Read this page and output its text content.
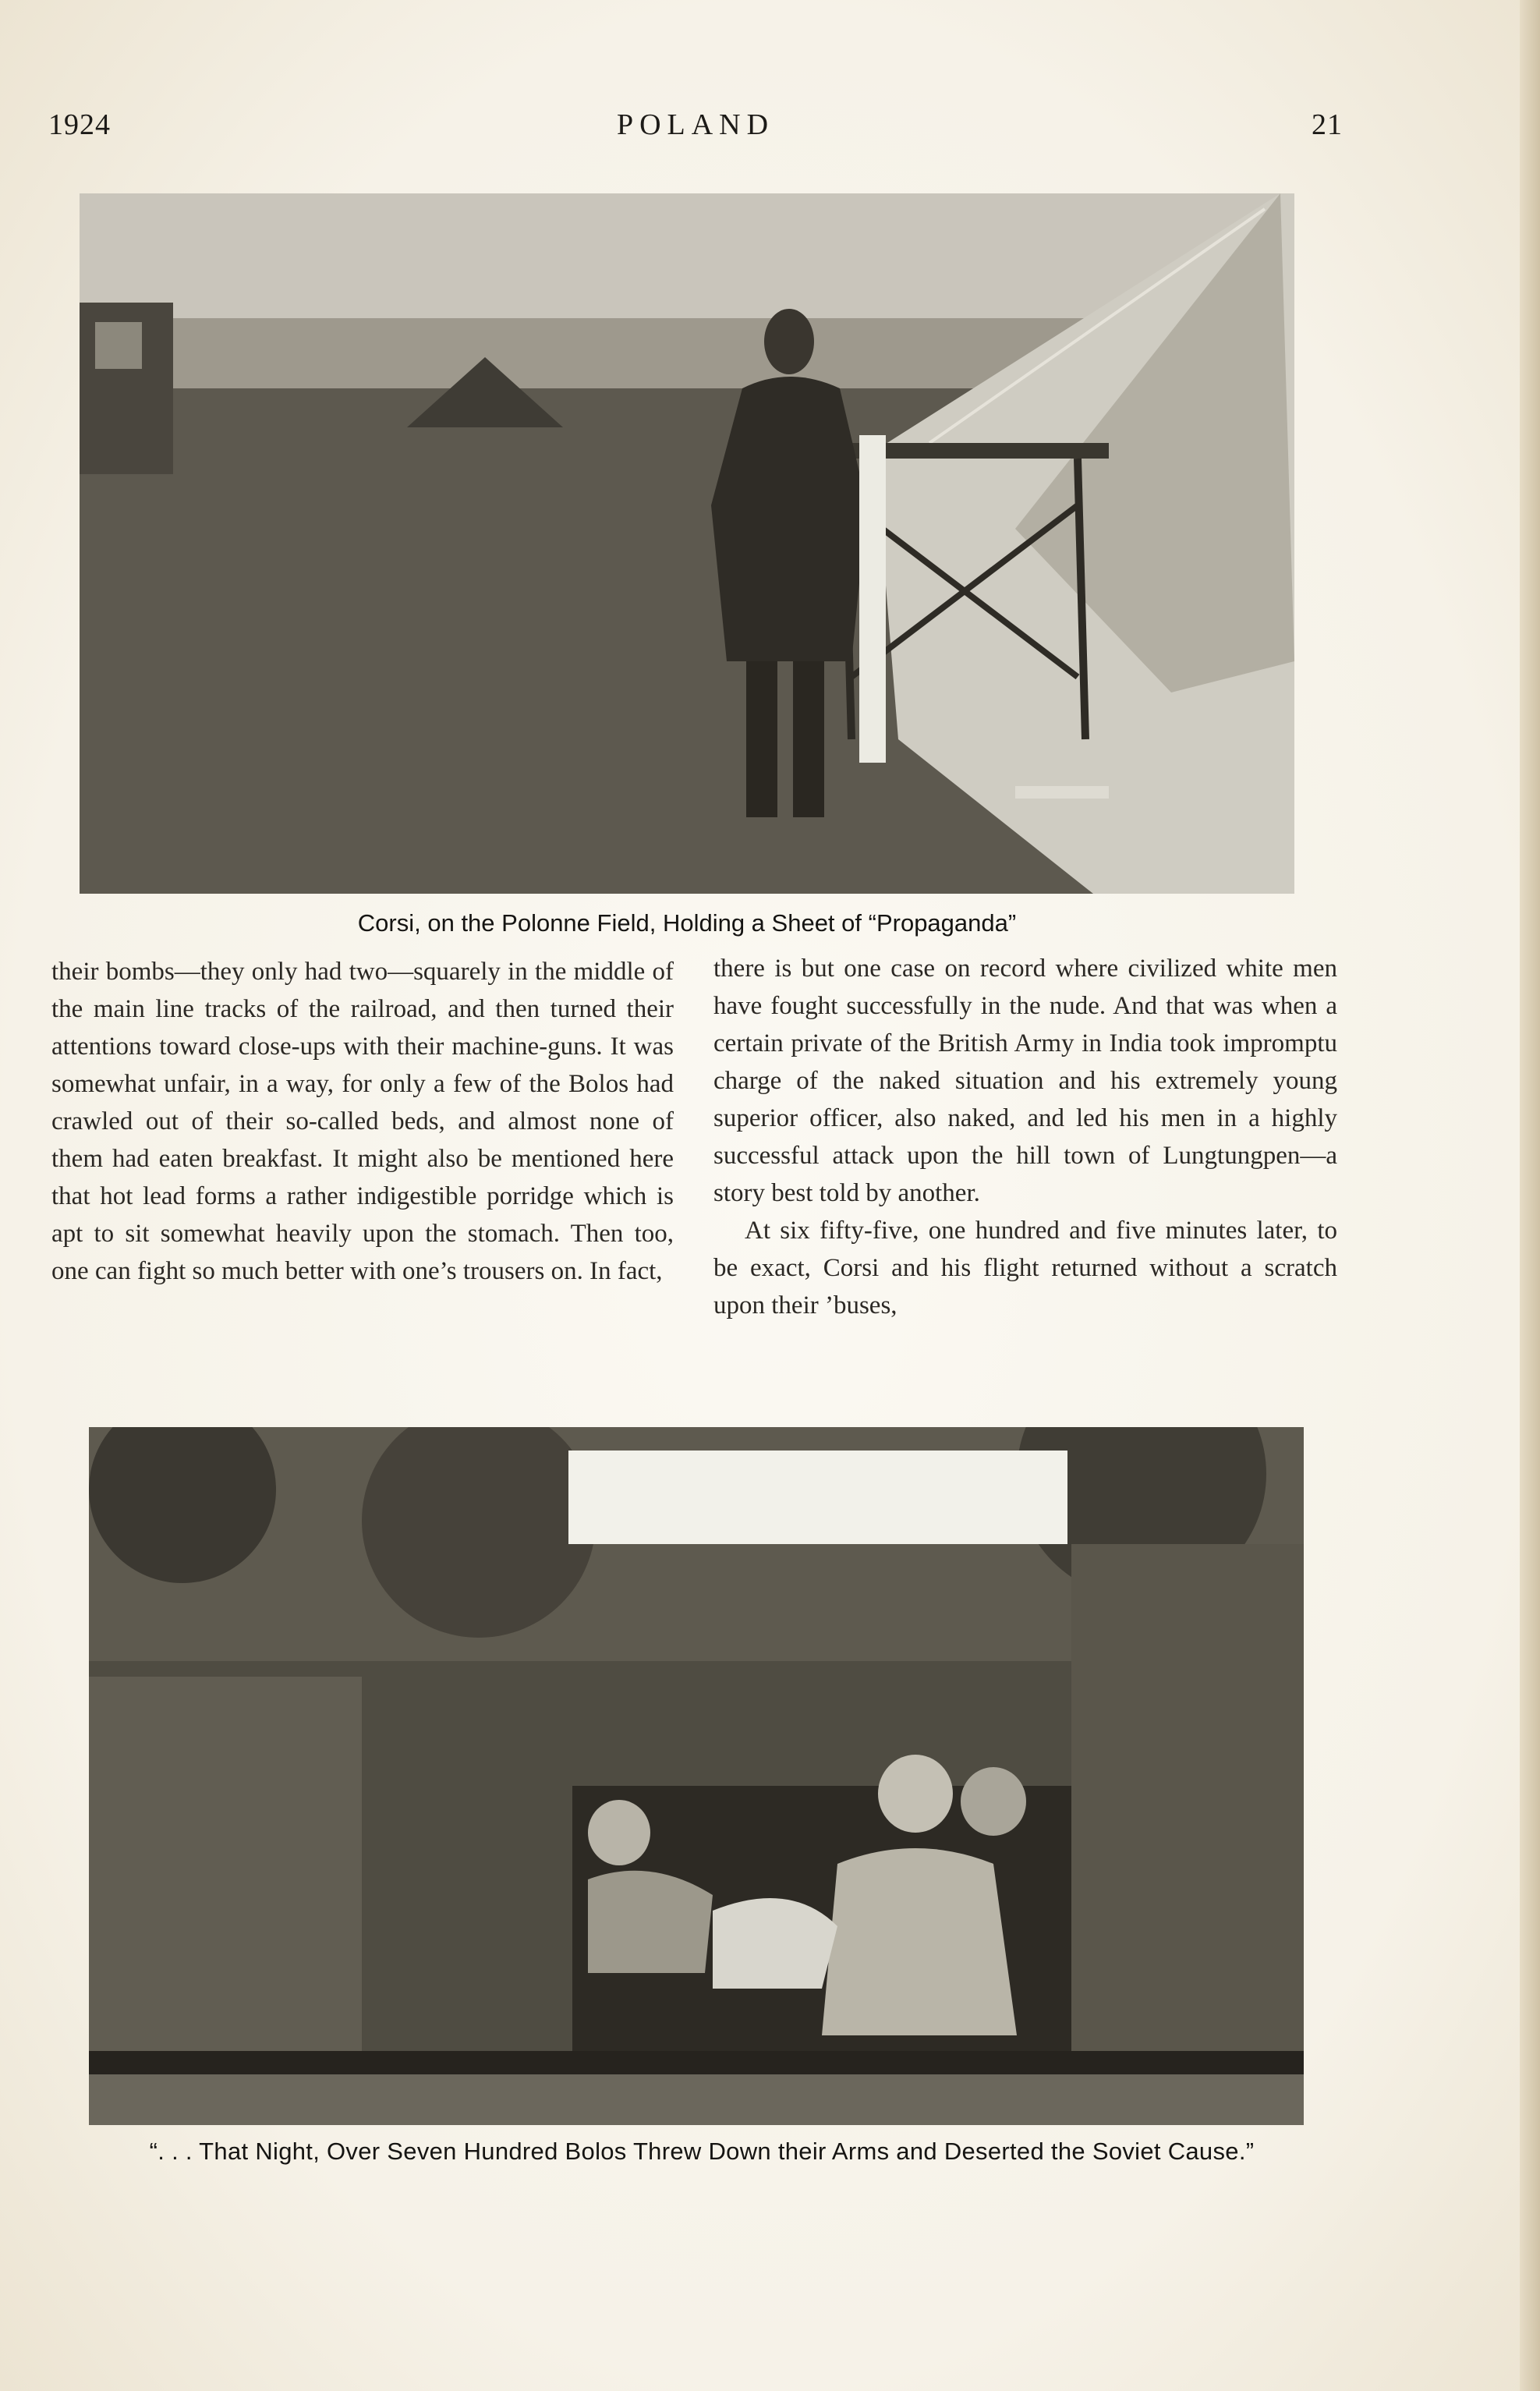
1924	POLAND	21
Corsi, on the Polonne Field, Holding a Sheet of “Propaganda”

their bombs—they only had two—squarely in the middle of the main line tracks of the railroad, and then turned their attentions toward close-ups with their machine-guns. It was somewhat unfair, in a way, for only a few of the Bolos had crawled out of their so-called beds, and almost none of them had eaten breakfast. It might also be mentioned here that hot lead forms a rather indigestible porridge which is apt to sit somewhat heavily upon the stomach. Then too, one can fight so much better with one’s trousers on. In fact,

there is but one case on record where civilized white men have fought successfully in the nude. And that was when a certain private of the British Army in India took impromptu charge of the naked situation and his extremely young superior officer, also naked, and led his men in a highly successful attack upon the hill town of Lungtungpen—a story best told by another.

At six fifty-five, one hundred and five minutes later, to be exact, Corsi and his flight returned without a scratch upon their ’buses,

“. . . That Night, Over Seven Hundred Bolos Threw Down their Arms and Deserted the Soviet Cause.”
